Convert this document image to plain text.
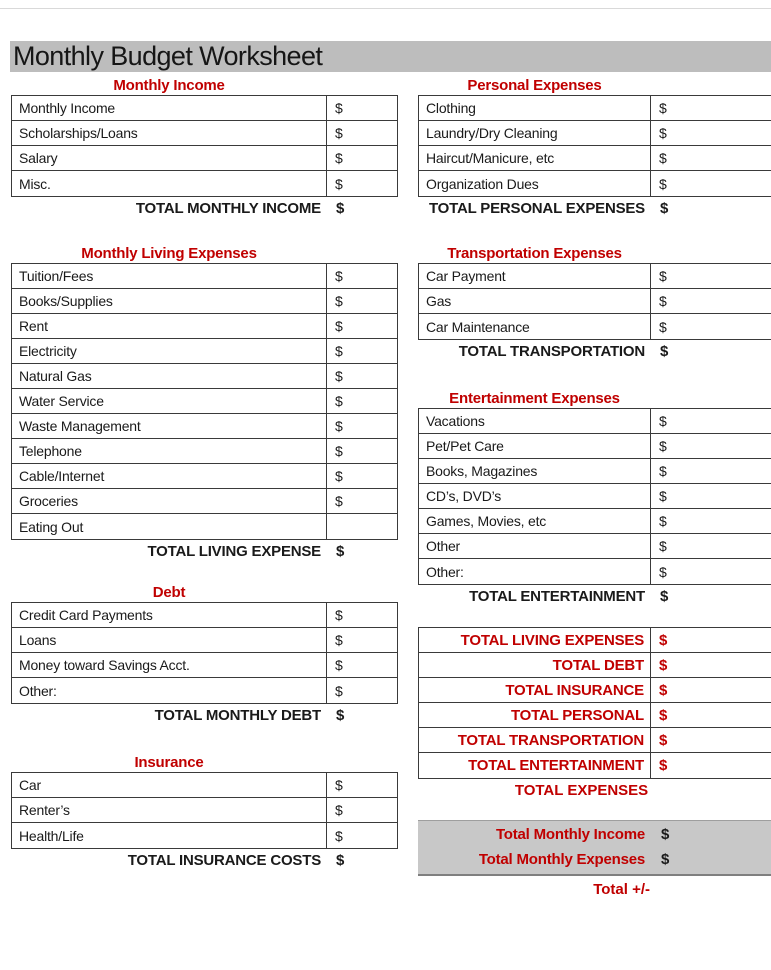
Monthly Budget Worksheet
Monthly Income
Monthly Income	$
Scholarships/Loans	$
Salary	$
Misc.	$
TOTAL MONTHLY INCOME	$
Monthly Living Expenses
Tuition/Fees	$
Books/Supplies	$
Rent	$
Electricity	$
Natural Gas	$
Water Service	$
Waste Management	$
Telephone	$
Cable/Internet	$
Groceries	$
Eating Out
TOTAL LIVING EXPENSE	$
Debt
Credit Card Payments	$
Loans	$
Money toward Savings Acct.	$
Other:	$
TOTAL MONTHLY DEBT	$
Insurance
Car	$
Renter’s	$
Health/Life	$
TOTAL INSURANCE COSTS	$
Personal Expenses
Clothing	$
Laundry/Dry Cleaning	$
Haircut/Manicure, etc	$
Organization Dues	$
TOTAL PERSONAL EXPENSES	$
Transportation Expenses
Car Payment	$
Gas	$
Car Maintenance	$
TOTAL TRANSPORTATION	$
Entertainment Expenses
Vacations	$
Pet/Pet Care	$
Books, Magazines	$
CD’s, DVD’s	$
Games, Movies, etc	$
Other	$
Other:	$
TOTAL ENTERTAINMENT	$
TOTAL LIVING EXPENSES	$
TOTAL DEBT	$
TOTAL INSURANCE	$
TOTAL PERSONAL	$
TOTAL TRANSPORTATION	$
TOTAL ENTERTAINMENT	$
TOTAL EXPENSES
Total Monthly Income	$
Total Monthly Expenses	$
Total +/-
